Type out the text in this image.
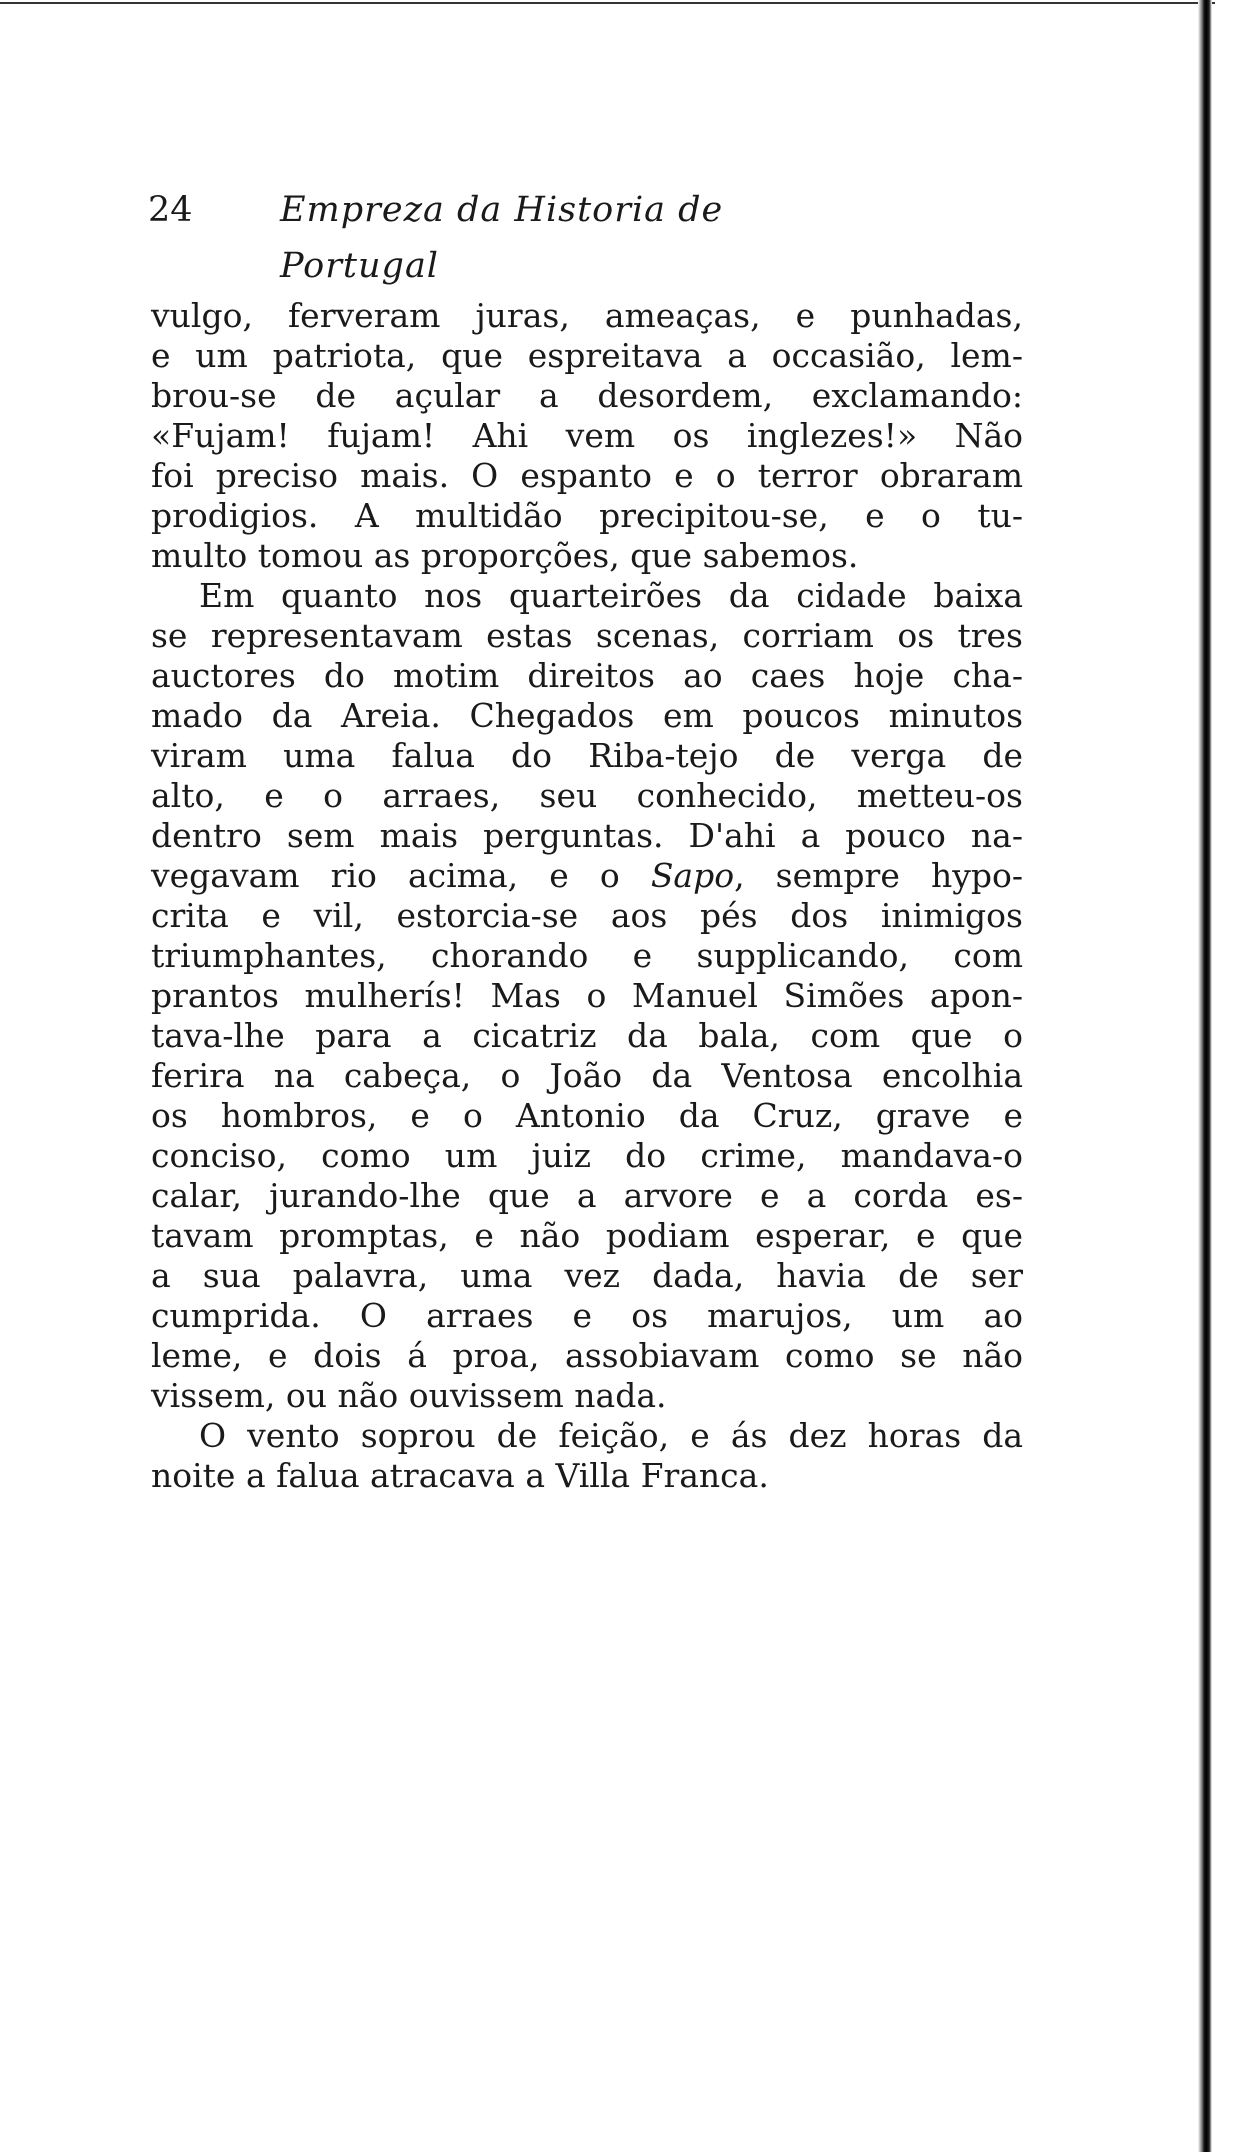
24 Empreza da Historia de Portugal
vulgo, ferveram juras, ameaças, e punhadas,
e um patriota, que espreitava a occasião, lem-
brou-se de açular a desordem, exclamando:
«Fujam! fujam! Ahi vem os inglezes!» Não
foi preciso mais. O espanto e o terror obraram
prodigios. A multidão precipitou-se, e o tu-
multo tomou as proporções, que sabemos.
Em quanto nos quarteirões da cidade baixa
se representavam estas scenas, corriam os tres
auctores do motim direitos ao caes hoje cha-
mado da Areia. Chegados em poucos minutos
viram uma falua do Riba-tejo de verga de
alto, e o arraes, seu conhecido, metteu-os
dentro sem mais perguntas. D'ahi a pouco na-
vegavam rio acima, e o Sapo, sempre hypo-
crita e vil, estorcia-se aos pés dos inimigos
triumphantes, chorando e supplicando, com
prantos mulherís! Mas o Manuel Simões apon-
tava-lhe para a cicatriz da bala, com que o
ferira na cabeça, o João da Ventosa encolhia
os hombros, e o Antonio da Cruz, grave e
conciso, como um juiz do crime, mandava-o
calar, jurando-lhe que a arvore e a corda es-
tavam promptas, e não podiam esperar, e que
a sua palavra, uma vez dada, havia de ser
cumprida. O arraes e os marujos, um ao
leme, e dois á proa, assobiavam como se não
vissem, ou não ouvissem nada.
O vento soprou de feição, e ás dez horas da
noite a falua atracava a Villa Franca.
